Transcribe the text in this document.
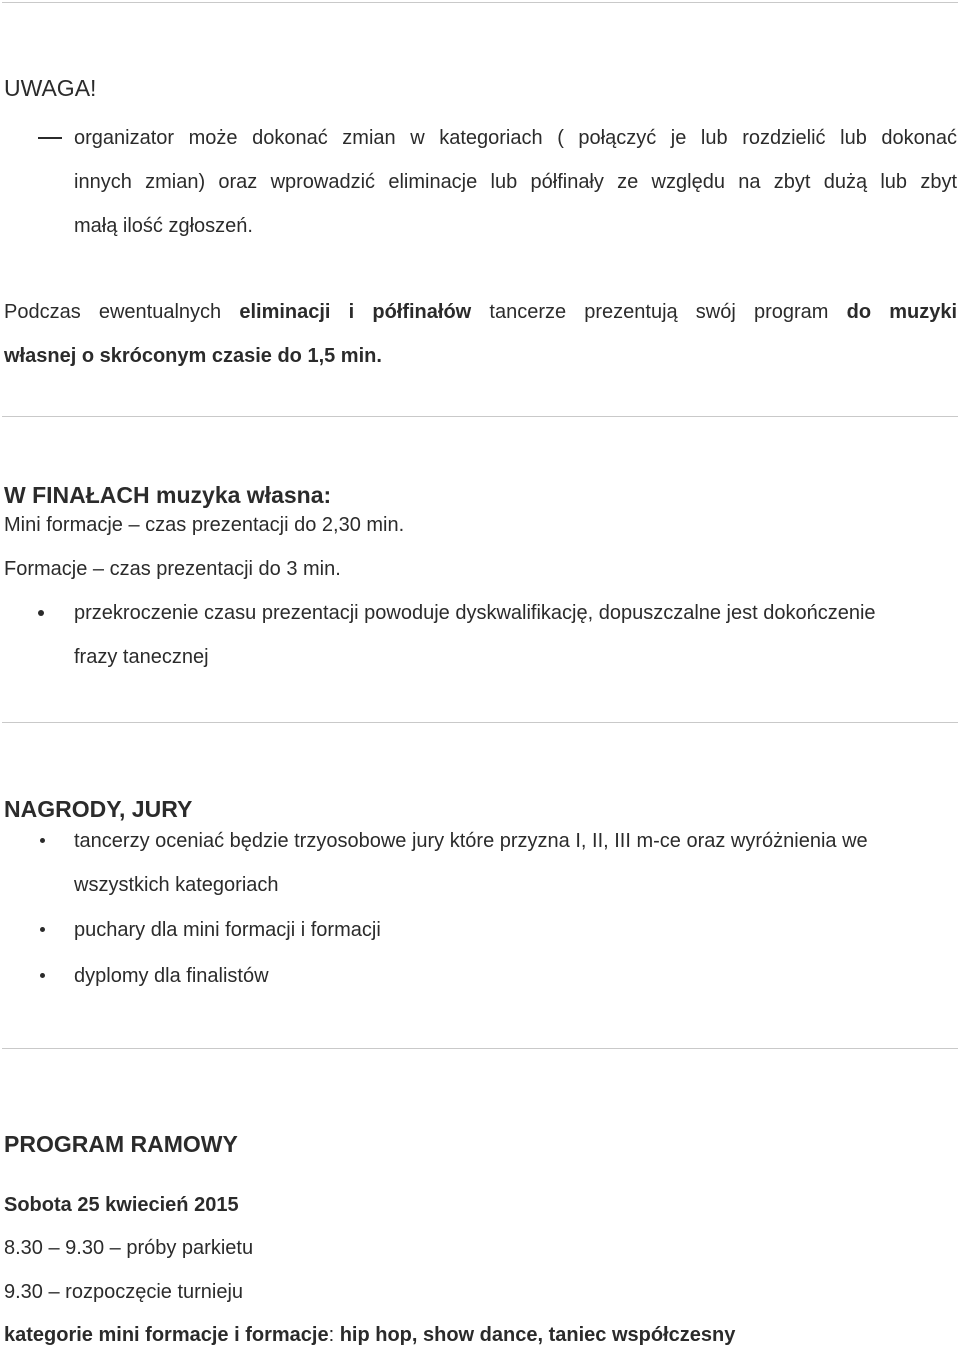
UWAGA!
organizator może dokonać zmian w kategoriach ( połączyć je lub rozdzielić lub dokonać
innych zmian) oraz wprowadzić eliminacje lub półfinały ze względu na zbyt dużą lub zbyt
małą ilość zgłoszeń.
Podczas ewentualnych eliminacji i półfinałów tancerze prezentują swój program do muzyki
własnej o skróconym czasie do 1,5 min.
W FINAŁACH muzyka własna:
Mini formacje – czas prezentacji do 2,30 min.
Formacje – czas prezentacji do 3 min.
przekroczenie czasu prezentacji powoduje dyskwalifikację, dopuszczalne jest dokończenie
frazy tanecznej
NAGRODY, JURY
tancerzy oceniać będzie trzyosobowe jury które przyzna I, II, III m-ce oraz wyróżnienia we
wszystkich kategoriach
puchary dla mini formacji i formacji
dyplomy dla finalistów
PROGRAM RAMOWY
Sobota 25 kwiecień 2015
8.30 – 9.30 – próby parkietu
9.30 – rozpoczęcie turnieju
kategorie mini formacje i formacje: hip hop, show dance, taniec współczesny
